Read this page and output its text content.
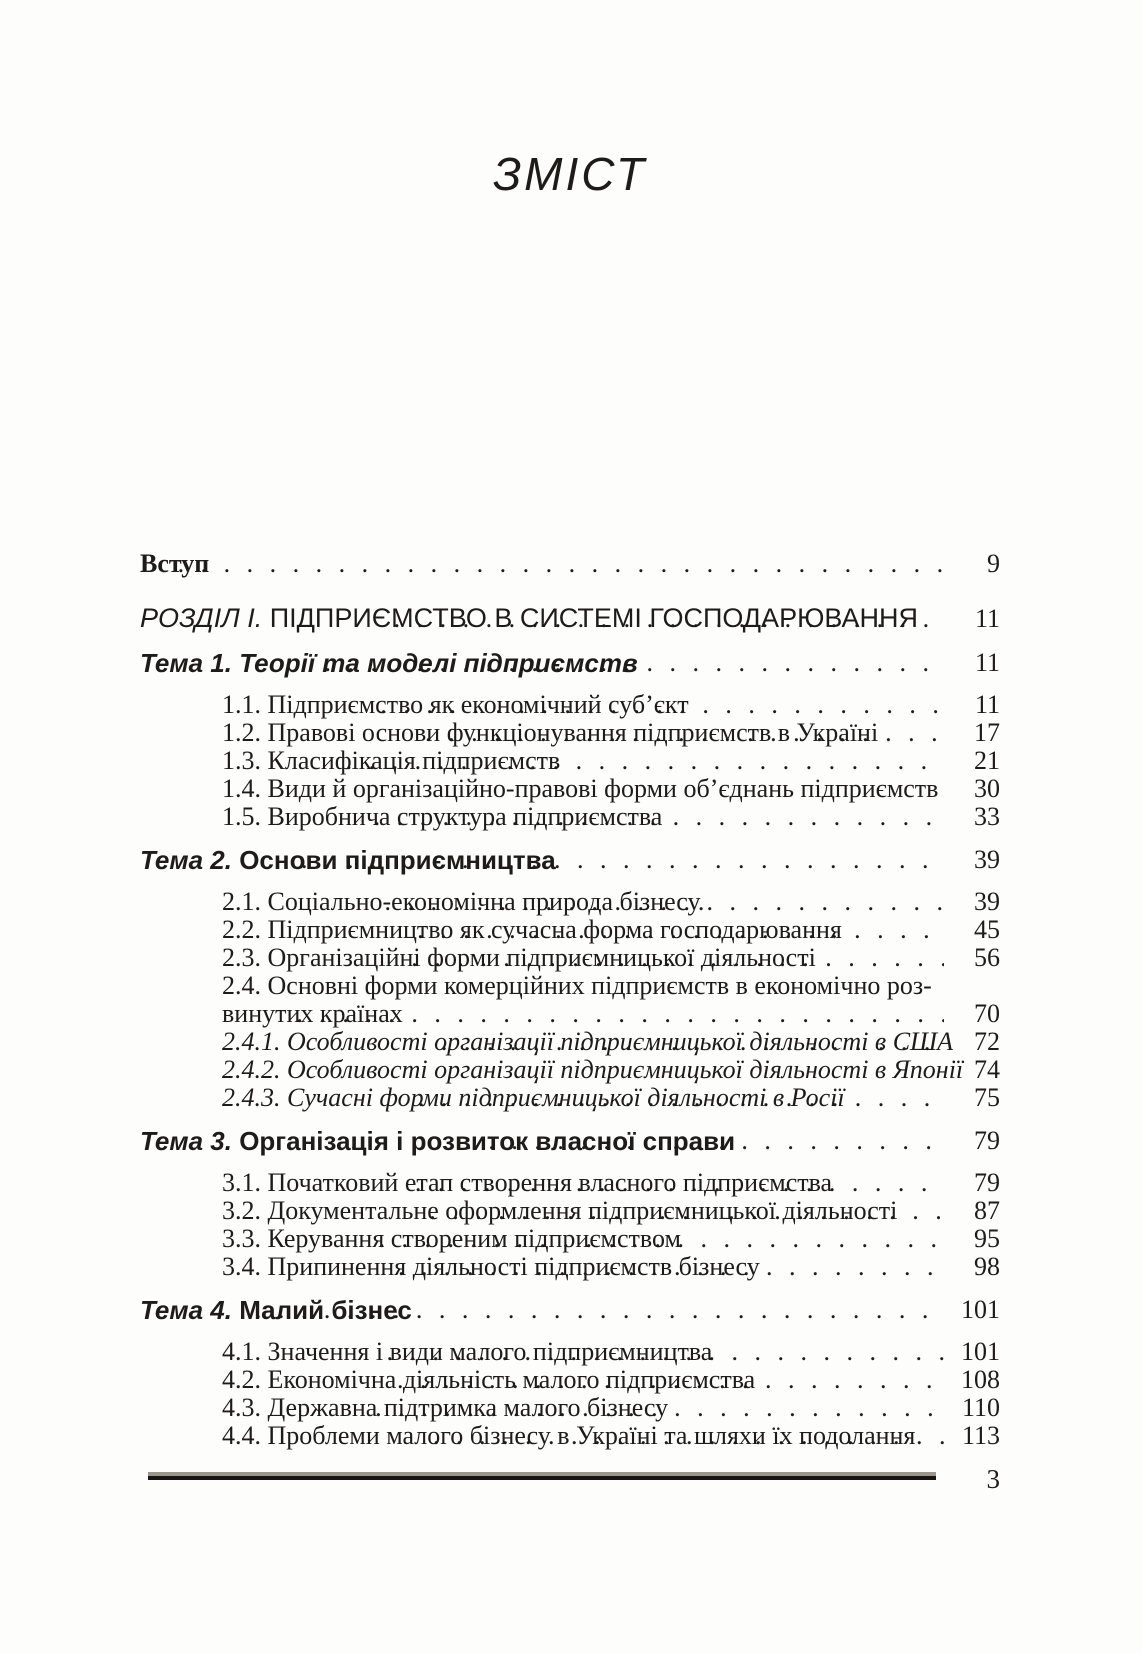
ЗМІСТ
Вступ . . .	9
РОЗДІЛ І. ПІДПРИЄМСТВО В СИСТЕМІ ГОСПОДАРЮВАННЯ . . .	11
Тема 1. Теорії та моделі підприємств . . .	11
1.1. Підприємство як економічний суб’єкт . . .	11
1.2. Правові основи функціонування підприємств в Україні . . .	17
1.3. Класифікація підприємств . . .	21
1.4. Види й організаційно-правові форми об’єднань підприємств	30
1.5. Виробнича структура підприємства . . .	33
Тема 2. Основи підприємництва . . .	39
2.1. Соціально-економічна природа бізнесу. . . .	39
2.2. Підприємництво як сучасна форма господарювання . . .	45
2.3. Організаційні форми підприємницької діяльності . . .	56
2.4. Основні форми комерційних підприємств в економічно роз-
винутих країнах . . .	70
2.4.1. Особливості організації підприємницької діяльності в США . . . 72
2.4.2. Особливості організації підприємницької діяльності в Японії 74
2.4.3. Сучасні форми підприємницької діяльності в Росії . . .	75
Тема 3. Організація і розвиток власної справи . . .	79
3.1. Початковий етап створення власного підприємства . . .	79
3.2. Документальне оформлення підприємницької діяльності . . .	87
3.3. Керування створеним підприємством . . .	95
3.4. Припинення діяльності підприємств бізнесу . . .	98
Тема 4. Малий бізнес . . .	101
4.1. Значення і види малого підприємництва . . .	101
4.2. Економічна діяльність малого підприємства . . .	108
4.3. Державна підтримка малого бізнесу . . .	110
4.4. Проблеми малого бізнесу в Україні та шляхи їх подолання . . .	113
3
